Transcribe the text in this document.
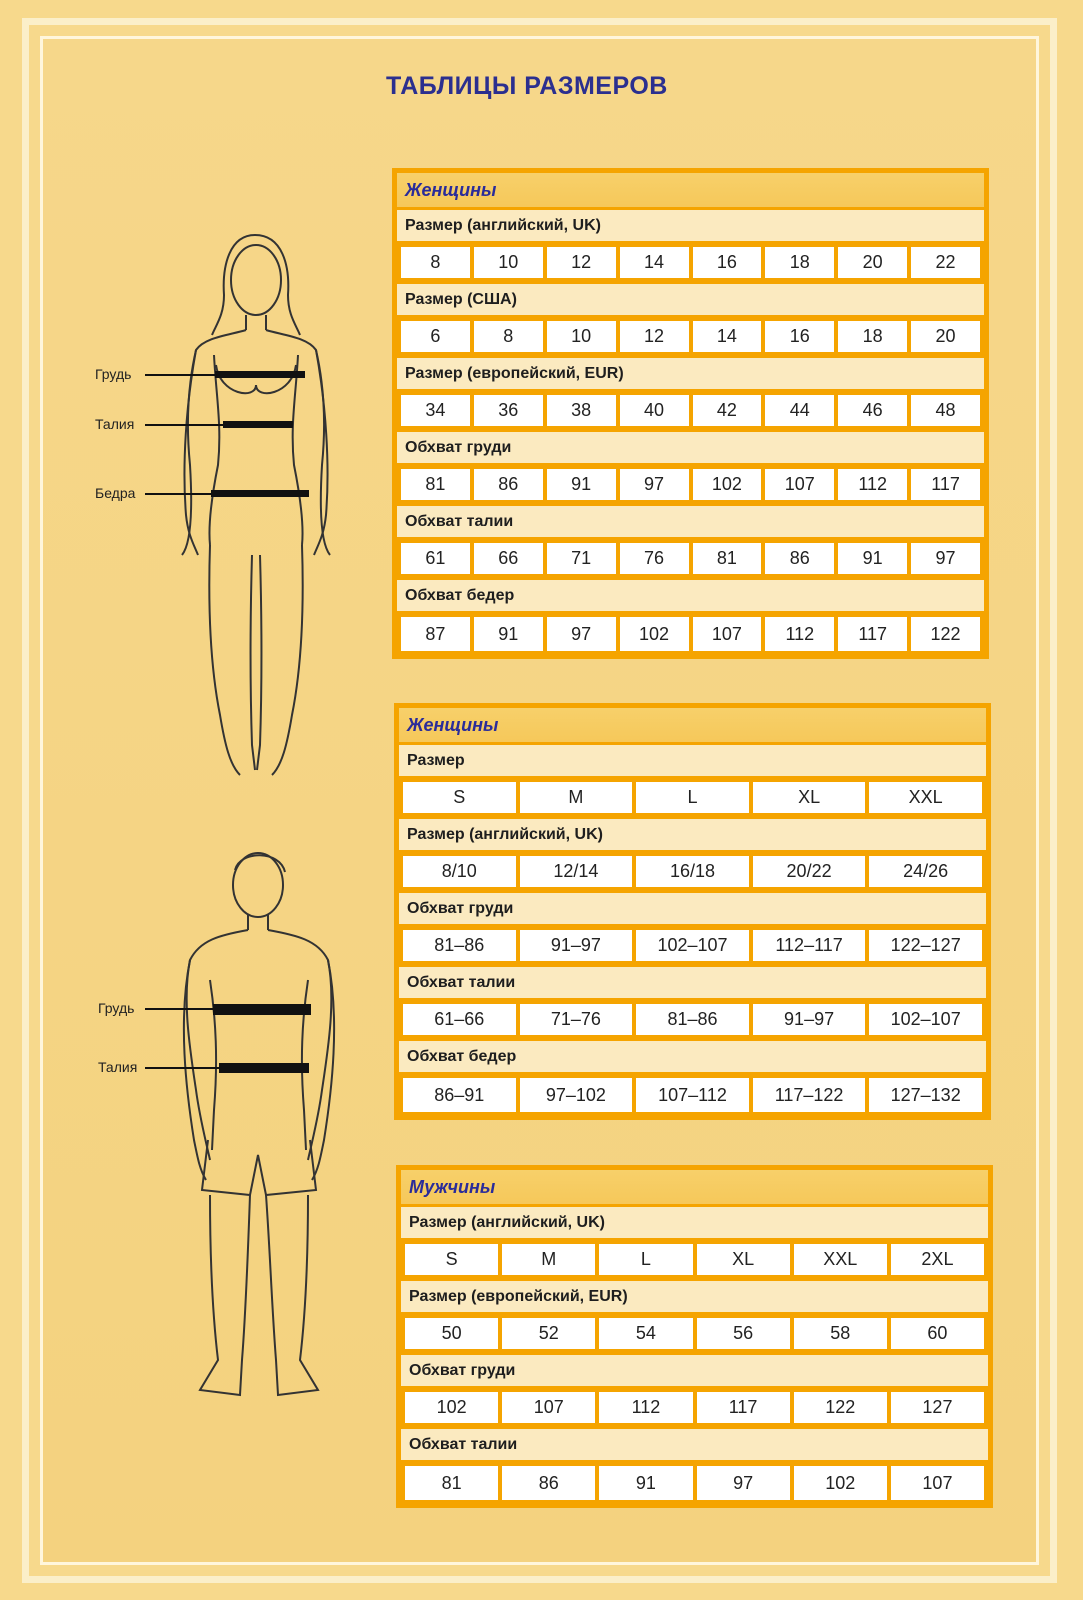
ТАБЛИЦЫ РАЗМЕРОВ
Грудь
Талия
Бедра
Грудь
Талия
Женщины
Размер (английский, UK)
8	10	12	14	16	18	20	22
Размер (США)
6	8	10	12	14	16	18	20
Размер (европейский, EUR)
34	36	38	40	42	44	46	48
Обхват груди
81	86	91	97	102	107	112	117
Обхват талии
61	66	71	76	81	86	91	97
Обхват бедер
87	91	97	102	107	112	117	122
Женщины
Размер
S	M	L	XL	XXL
Размер (английский, UK)
8/10	12/14	16/18	20/22	24/26
Обхват груди
81–86	91–97	102–107	112–117	122–127
Обхват талии
61–66	71–76	81–86	91–97	102–107
Обхват бедер
86–91	97–102	107–112	117–122	127–132
Мужчины
Размер (английский, UK)
S	M	L	XL	XXL	2XL
Размер (европейский, EUR)
50	52	54	56	58	60
Обхват груди
102	107	112	117	122	127
Обхват талии
81	86	91	97	102	107
